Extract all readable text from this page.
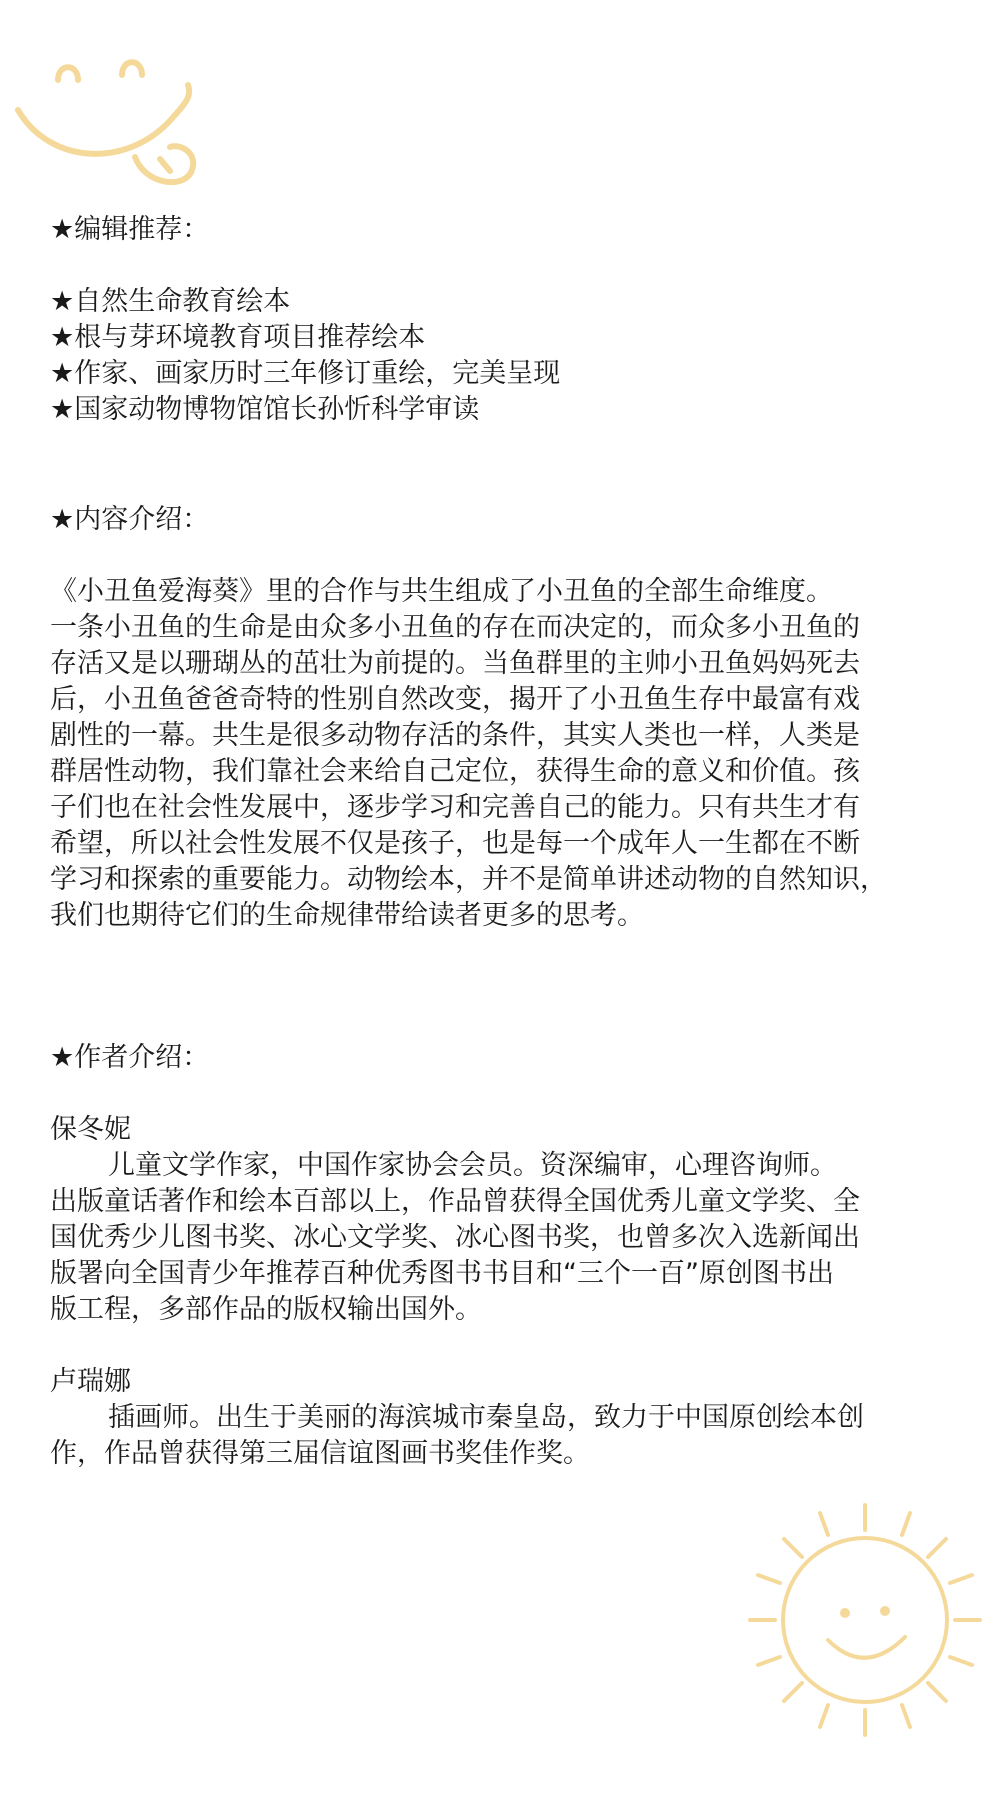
★编辑推荐：
★自然生命教育绘本
★根与芽环境教育项目推荐绘本
★作家、画家历时三年修订重绘，完美呈现
★国家动物博物馆馆长孙忻科学审读
★内容介绍：
《小丑鱼爱海葵》里的合作与共生组成了小丑鱼的全部生命维度。
一条小丑鱼的生命是由众多小丑鱼的存在而决定的，而众多小丑鱼的
存活又是以珊瑚丛的茁壮为前提的。当鱼群里的主帅小丑鱼妈妈死去
后，小丑鱼爸爸奇特的性别自然改变，揭开了小丑鱼生存中最富有戏
剧性的一幕。共生是很多动物存活的条件，其实人类也一样，人类是
群居性动物，我们靠社会来给自己定位，获得生命的意义和价值。孩
子们也在社会性发展中，逐步学习和完善自己的能力。只有共生才有
希望，所以社会性发展不仅是孩子，也是每一个成年人一生都在不断
学习和探索的重要能力。动物绘本，并不是简单讲述动物的自然知识，
我们也期待它们的生命规律带给读者更多的思考。
★作者介绍：
保冬妮
儿童文学作家，中国作家协会会员。资深编审，心理咨询师。
出版童话著作和绘本百部以上，作品曾获得全国优秀儿童文学奖、全
国优秀少儿图书奖、冰心文学奖、冰心图书奖，也曾多次入选新闻出
版署向全国青少年推荐百种优秀图书书目和“三个一百”原创图书出
版工程，多部作品的版权输出国外。
卢瑞娜
插画师。出生于美丽的海滨城市秦皇岛，致力于中国原创绘本创
作，作品曾获得第三届信谊图画书奖佳作奖。
